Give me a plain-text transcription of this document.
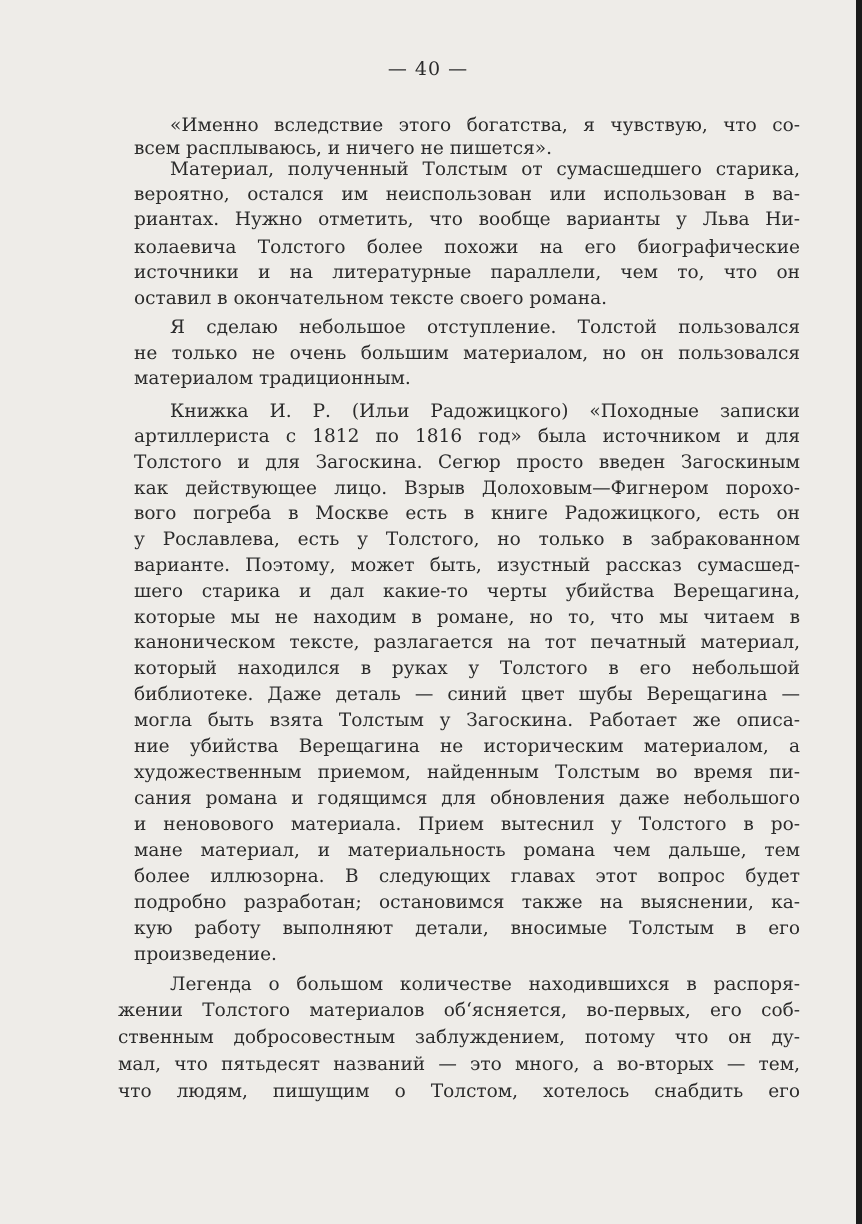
— 40 —

«Именно вследствие этого богатства, я чувствую, что со-

всем расплываюсь, и ничего не пишется».

Материал, полученный Толстым от сумасшедшего старика,

вероятно, остался им неиспользован или использован в ва-

риантах. Нужно отметить, что вообще варианты у Льва Ни-

колаевича Толстого более похожи на его биографические

источники и на литературные параллели, чем то, что он

оставил в окончательном тексте своего романа.

Я сделаю небольшое отступление. Толстой пользовался

не только не очень большим материалом, но он пользовался

материалом традиционным.

Книжка И. Р. (Ильи Радожицкого) «Походные записки

артиллериста с 1812 по 1816 год» была источником и для

Толстого и для Загоскина. Сегюр просто введен Загоскиным

как действующее лицо. Взрыв Долоховым—Фигнером порохо-

вого погреба в Москве есть в книге Радожицкого, есть он

у Рославлева, есть у Толстого, но только в забракованном

варианте. Поэтому, может быть, изустный рассказ сумасшед-

шего старика и дал какие-то черты убийства Верещагина,

которые мы не находим в романе, но то, что мы читаем в

каноническом тексте, разлагается на тот печатный материал,

который находился в руках у Толстого в его небольшой

библиотеке. Даже деталь — синий цвет шубы Верещагина —

могла быть взята Толстым у Загоскина. Работает же описа-

ние убийства Верещагина не историческим материалом, а

художественным приемом, найденным Толстым во время пи-

сания романа и годящимся для обновления даже небольшого

и неновового материала. Прием вытеснил у Толстого в ро-

мане материал, и материальность романа чем дальше, тем

более иллюзорна. В следующих главах этот вопрос будет

подробно разработан; остановимся также на выяснении, ка-

кую работу выполняют детали, вносимые Толстым в его

произведение.

Легенда о большом количестве находившихся в распоря-

жении Толстого материалов об‘ясняется, во-первых, его соб-

ственным добросовестным заблуждением, потому что он ду-

мал, что пятьдесят названий — это много, а во-вторых — тем,

что людям, пишущим о Толстом, хотелось снабдить его
